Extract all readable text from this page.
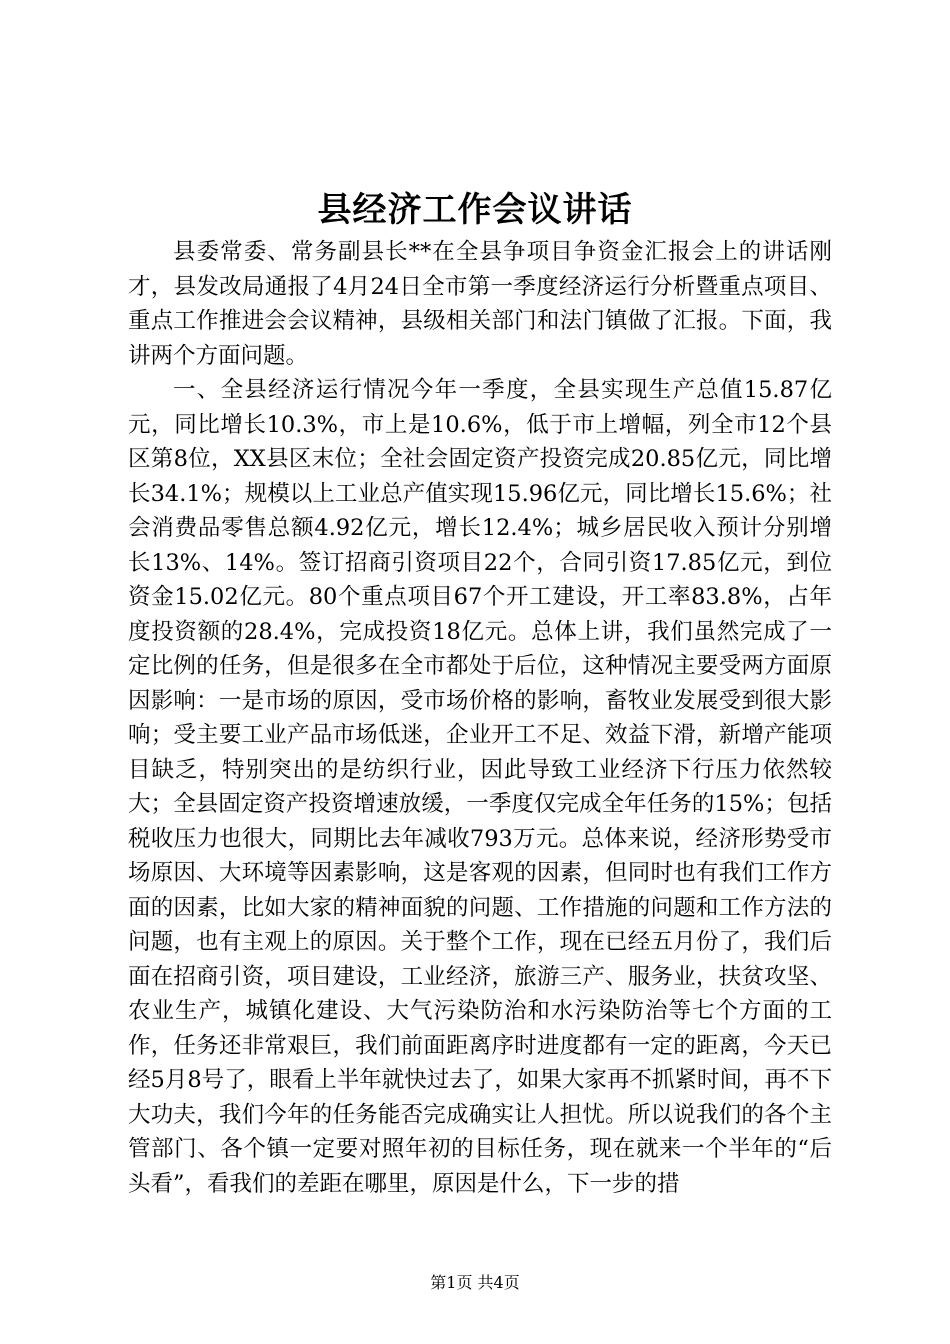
县经济工作会议讲话

县委常委、常务副县长**在全县争项目争资金汇报会上的讲话刚才，县发改局通报了4月24日全市第一季度经济运行分析暨重点项目、重点工作推进会会议精神，县级相关部门和法门镇做了汇报。下面，我讲两个方面问题。

一、全县经济运行情况今年一季度，全县实现生产总值15.87亿元，同比增长10.3%，市上是10.6%，低于市上增幅，列全市12个县区第8位，XX县区末位；全社会固定资产投资完成20.85亿元，同比增长34.1%；规模以上工业总产值实现15.96亿元，同比增长15.6%；社会消费品零售总额4.92亿元，增长12.4%；城乡居民收入预计分别增长13%、14%。签订招商引资项目22个，合同引资17.85亿元，到位资金15.02亿元。80个重点项目67个开工建设，开工率83.8%，占年度投资额的28.4%，完成投资18亿元。总体上讲，我们虽然完成了一定比例的任务，但是很多在全市都处于后位，这种情况主要受两方面原因影响：一是市场的原因，受市场价格的影响，畜牧业发展受到很大影响；受主要工业产品市场低迷，企业开工不足、效益下滑，新增产能项目缺乏，特别突出的是纺织行业，因此导致工业经济下行压力依然较大；全县固定资产投资增速放缓，一季度仅完成全年任务的15%；包括税收压力也很大，同期比去年减收793万元。总体来说，经济形势受市场原因、大环境等因素影响，这是客观的因素，但同时也有我们工作方面的因素，比如大家的精神面貌的问题、工作措施的问题和工作方法的问题，也有主观上的原因。关于整个工作，现在已经五月份了，我们后面在招商引资，项目建设，工业经济，旅游三产、服务业，扶贫攻坚、农业生产，城镇化建设、大气污染防治和水污染防治等七个方面的工作，任务还非常艰巨，我们前面距离序时进度都有一定的距离，今天已经5月8号了，眼看上半年就快过去了，如果大家再不抓紧时间，再不下大功夫，我们今年的任务能否完成确实让人担忧。所以说我们的各个主管部门、各个镇一定要对照年初的目标任务，现在就来一个半年的“后头看”，看我们的差距在哪里，原因是什么，下一步的措

第1页 共4页
